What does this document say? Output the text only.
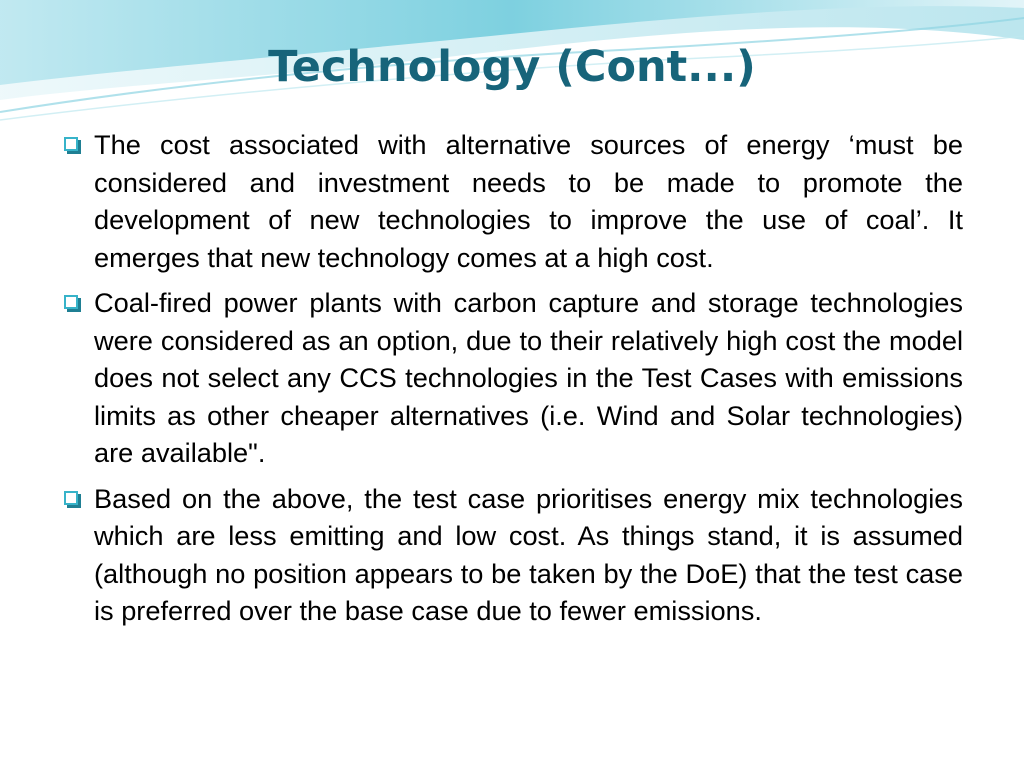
Technology (Cont...)
The cost associated with alternative sources of energy ‘must be considered and investment needs to be made to promote the development of new technologies to improve the use of coal’. It emerges that new technology comes at a high cost.
Coal-fired power plants with carbon capture and storage technologies were considered as an option, due to their relatively high cost the model does not select any CCS technologies in the Test Cases with emissions limits as other cheaper alternatives (i.e. Wind and Solar technologies) are available".
Based on the above, the test case prioritises energy mix technologies which are less emitting and low cost. As things stand, it is assumed (although no position appears to be taken by the DoE) that the test case is preferred over the base case due to fewer emissions.
